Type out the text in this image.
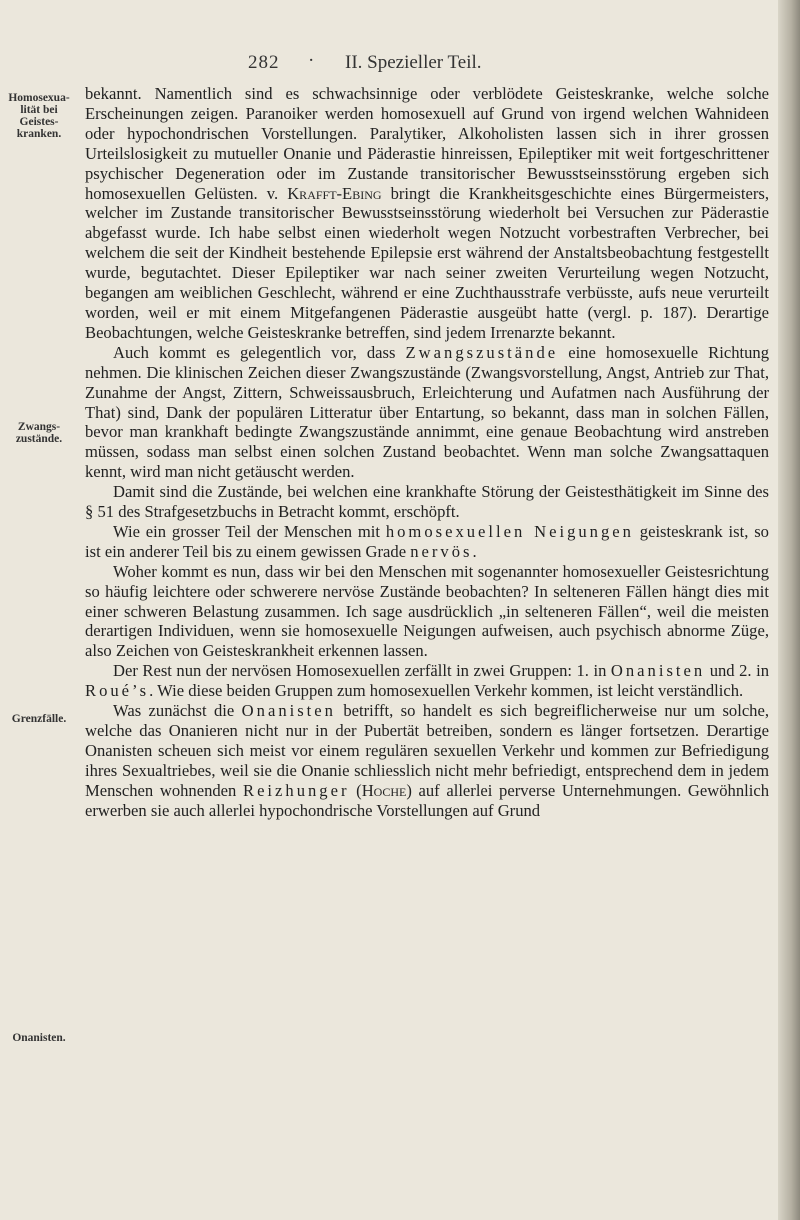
282 · II. Spezieller Teil.
Homosexua-lität bei Geistes-kranken.
Zwangs-zustände.
Grenzfälle.
Onanisten.

bekannt. Namentlich sind es schwachsinnige oder verblödete Geisteskranke, welche solche Erscheinungen zeigen. Paranoiker werden homosexuell auf Grund von irgend welchen Wahnideen oder hypochondrischen Vorstellungen. Paralytiker, Alkoholisten lassen sich in ihrer grossen Urteilslosigkeit zu mutueller Onanie und Päderastie hinreissen, Epileptiker mit weit fortgeschrittener psychischer Degeneration oder im Zustande transitorischer Bewusstseinsstörung ergeben sich homosexuellen Gelüsten. v. Krafft-Ebing bringt die Krankheitsgeschichte eines Bürgermeisters, welcher im Zustande transitorischer Bewusstseinsstörung wiederholt bei Versuchen zur Päderastie abgefasst wurde. Ich habe selbst einen wiederholt wegen Notzucht vorbestraften Verbrecher, bei welchem die seit der Kindheit bestehende Epilepsie erst während der Anstaltsbeobachtung festgestellt wurde, begutachtet. Dieser Epileptiker war nach seiner zweiten Verurteilung wegen Notzucht, begangen am weiblichen Geschlecht, während er eine Zuchthausstrafe verbüsste, aufs neue verurteilt worden, weil er mit einem Mitgefangenen Päderastie ausgeübt hatte (vergl. p. 187). Derartige Beobachtungen, welche Geisteskranke betreffen, sind jedem Irrenarzte bekannt.

Auch kommt es gelegentlich vor, dass Zwangszustände eine homosexuelle Richtung nehmen. Die klinischen Zeichen dieser Zwangszustände (Zwangsvorstellung, Angst, Antrieb zur That, Zunahme der Angst, Zittern, Schweissausbruch, Erleichterung und Aufatmen nach Ausführung der That) sind, Dank der populären Litteratur über Entartung, so bekannt, dass man in solchen Fällen, bevor man krankhaft bedingte Zwangszustände annimmt, eine genaue Beobachtung wird anstreben müssen, sodass man selbst einen solchen Zustand beobachtet. Wenn man solche Zwangsattaquen kennt, wird man nicht getäuscht werden.

Damit sind die Zustände, bei welchen eine krankhafte Störung der Geistesthätigkeit im Sinne des § 51 des Strafgesetzbuchs in Betracht kommt, erschöpft.

Wie ein grosser Teil der Menschen mit homosexuellen Neigungen geisteskrank ist, so ist ein anderer Teil bis zu einem gewissen Grade nervös.

Woher kommt es nun, dass wir bei den Menschen mit sogenannter homosexueller Geistesrichtung so häufig leichtere oder schwerere nervöse Zustände beobachten? In selteneren Fällen hängt dies mit einer schweren Belastung zusammen. Ich sage ausdrücklich „in selteneren Fällen“, weil die meisten derartigen Individuen, wenn sie homosexuelle Neigungen aufweisen, auch psychisch abnorme Züge, also Zeichen von Geisteskrankheit erkennen lassen.

Der Rest nun der nervösen Homosexuellen zerfällt in zwei Gruppen: 1. in Onanisten und 2. in Roué’s. Wie diese beiden Gruppen zum homosexuellen Verkehr kommen, ist leicht verständlich.

Was zunächst die Onanisten betrifft, so handelt es sich begreiflicherweise nur um solche, welche das Onanieren nicht nur in der Pubertät betreiben, sondern es länger fortsetzen. Derartige Onanisten scheuen sich meist vor einem regulären sexuellen Verkehr und kommen zur Befriedigung ihres Sexualtriebes, weil sie die Onanie schliesslich nicht mehr befriedigt, entsprechend dem in jedem Menschen wohnenden Reizhunger (Hoche) auf allerlei perverse Unternehmungen. Gewöhnlich erwerben sie auch allerlei hypochondrische Vorstellungen auf Grund
